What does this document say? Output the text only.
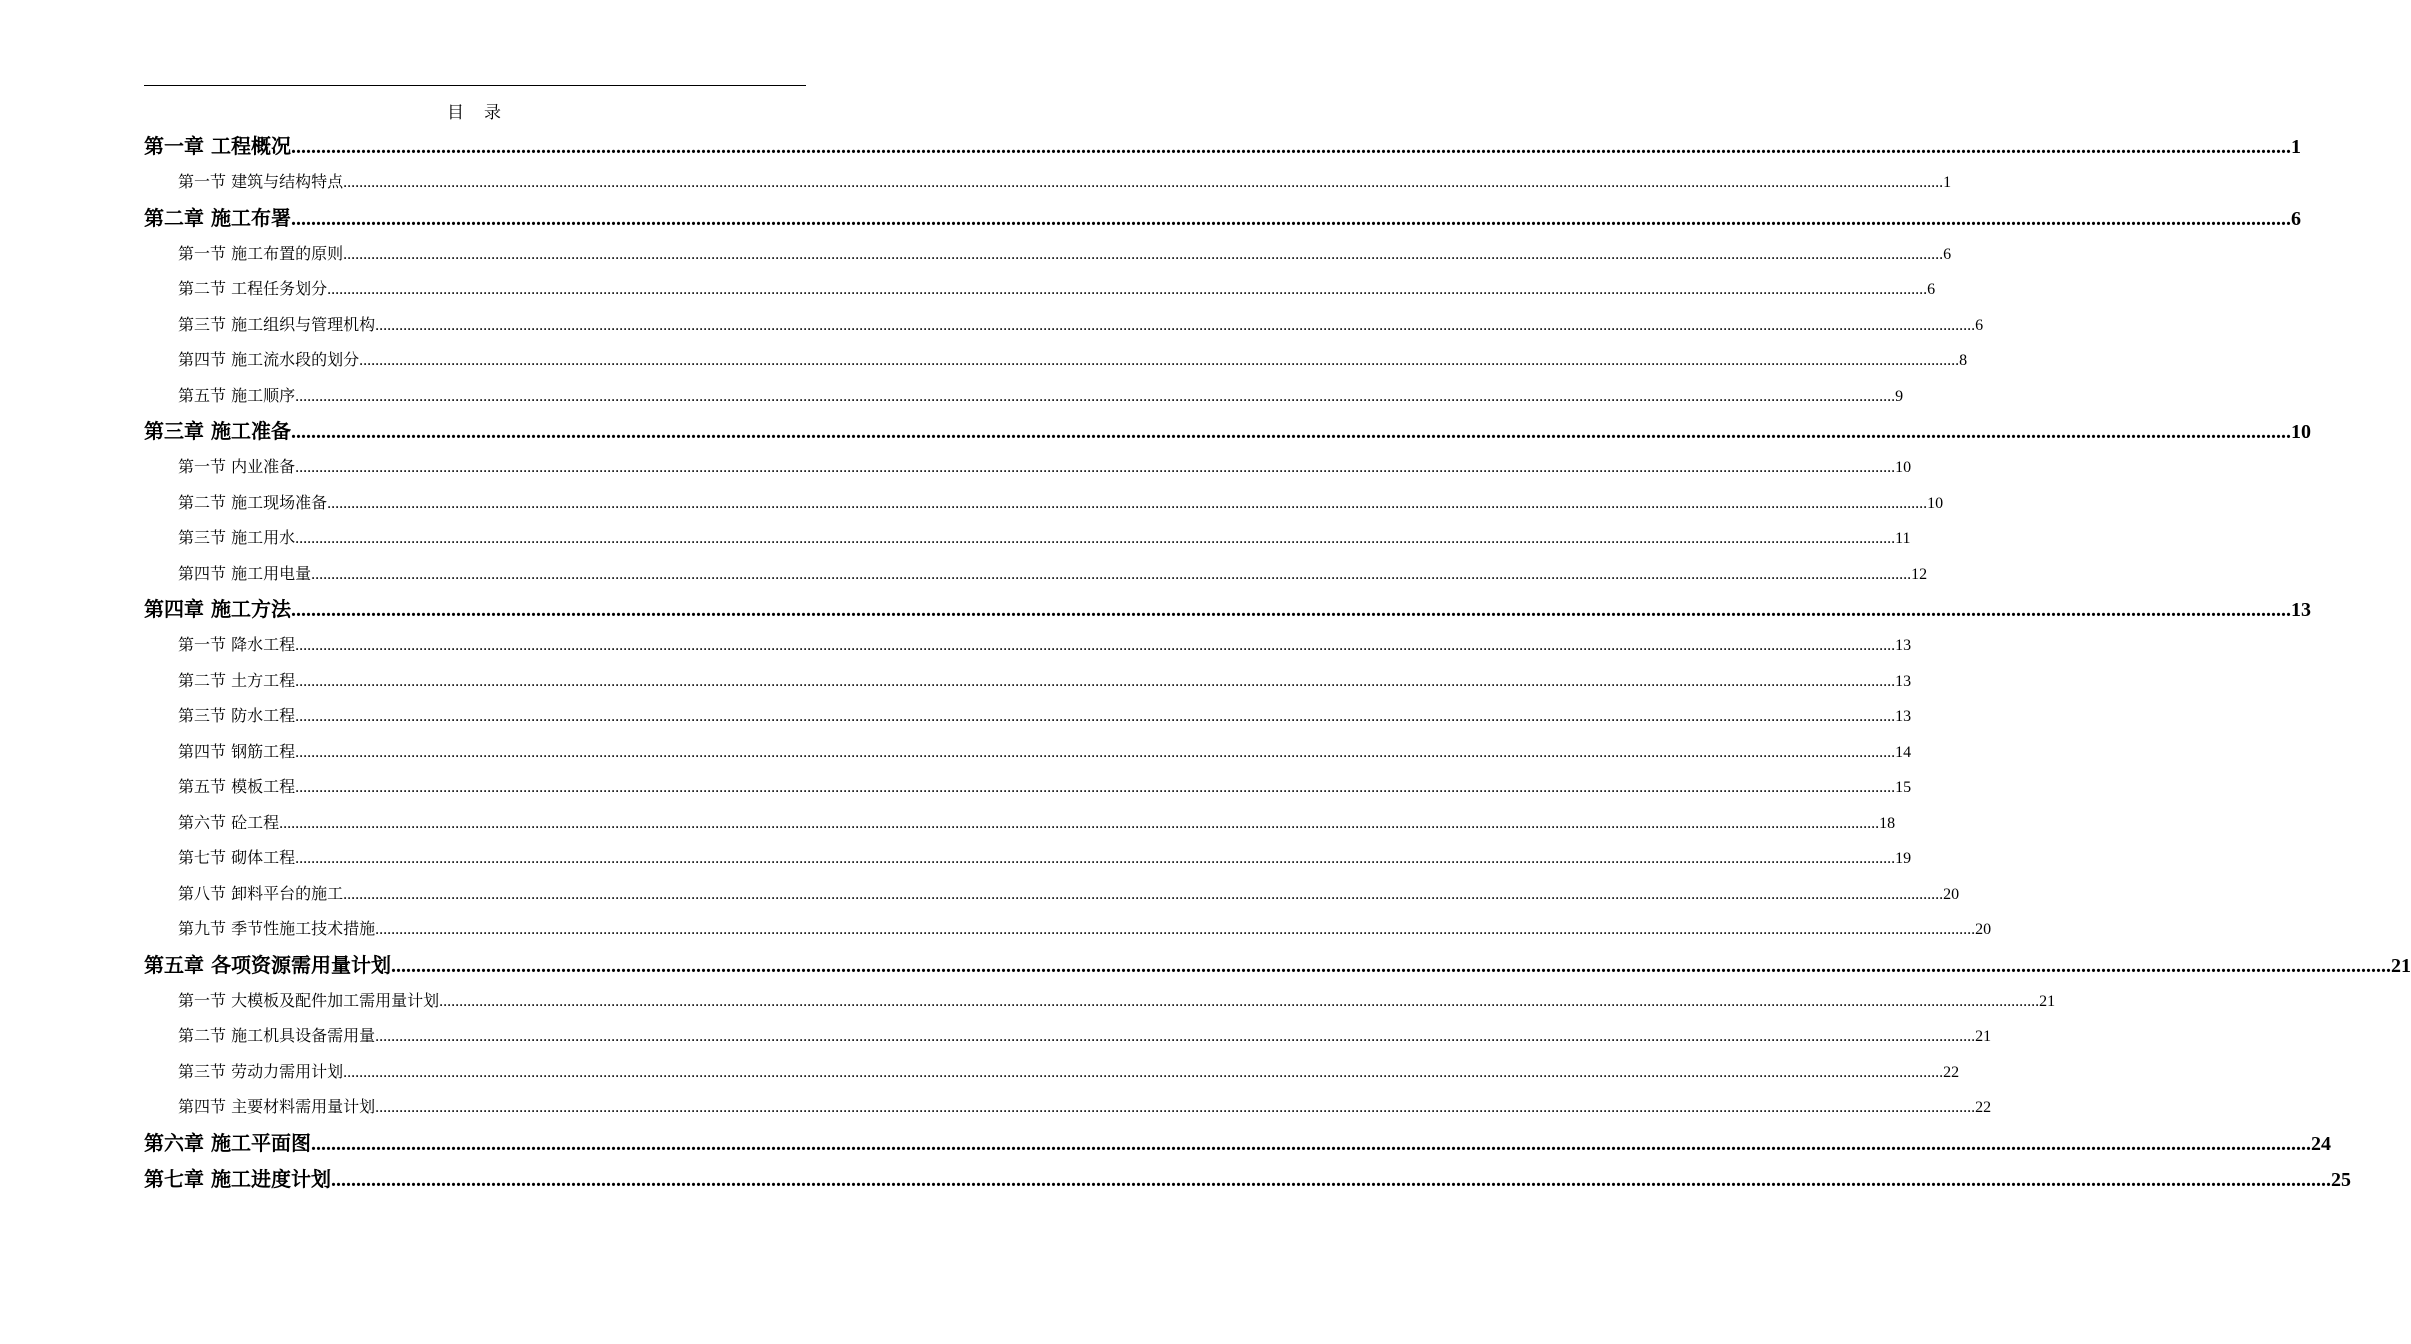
目 录
第一章 工程概况 ................................................................................................................................................................................................................................................................................................................................................................................................................ 1
第一节 建筑与结构特点 ................................................................................................................................................................................................................................................................................................................................................................................................................ 1
第二章 施工布署 ................................................................................................................................................................................................................................................................................................................................................................................................................ 6
第一节 施工布置的原则 ................................................................................................................................................................................................................................................................................................................................................................................................................ 6
第二节 工程任务划分 ................................................................................................................................................................................................................................................................................................................................................................................................................ 6
第三节 施工组织与管理机构 ................................................................................................................................................................................................................................................................................................................................................................................................................ 6
第四节 施工流水段的划分 ................................................................................................................................................................................................................................................................................................................................................................................................................ 8
第五节 施工顺序 ................................................................................................................................................................................................................................................................................................................................................................................................................ 9
第三章 施工准备 ................................................................................................................................................................................................................................................................................................................................................................................................................ 10
第一节 内业准备 ................................................................................................................................................................................................................................................................................................................................................................................................................ 10
第二节 施工现场准备 ................................................................................................................................................................................................................................................................................................................................................................................................................ 10
第三节 施工用水 ................................................................................................................................................................................................................................................................................................................................................................................................................ 11
第四节 施工用电量 ................................................................................................................................................................................................................................................................................................................................................................................................................ 12
第四章 施工方法 ................................................................................................................................................................................................................................................................................................................................................................................................................ 13
第一节 降水工程 ................................................................................................................................................................................................................................................................................................................................................................................................................ 13
第二节 土方工程 ................................................................................................................................................................................................................................................................................................................................................................................................................ 13
第三节 防水工程 ................................................................................................................................................................................................................................................................................................................................................................................................................ 13
第四节 钢筋工程 ................................................................................................................................................................................................................................................................................................................................................................................................................ 14
第五节 模板工程 ................................................................................................................................................................................................................................................................................................................................................................................................................ 15
第六节 砼工程 ................................................................................................................................................................................................................................................................................................................................................................................................................ 18
第七节 砌体工程 ................................................................................................................................................................................................................................................................................................................................................................................................................ 19
第八节 卸料平台的施工 ................................................................................................................................................................................................................................................................................................................................................................................................................ 20
第九节 季节性施工技术措施 ................................................................................................................................................................................................................................................................................................................................................................................................................ 20
第五章 各项资源需用量计划 ................................................................................................................................................................................................................................................................................................................................................................................................................ 21
第一节 大模板及配件加工需用量计划 ................................................................................................................................................................................................................................................................................................................................................................................................................ 21
第二节 施工机具设备需用量 ................................................................................................................................................................................................................................................................................................................................................................................................................ 21
第三节 劳动力需用计划 ................................................................................................................................................................................................................................................................................................................................................................................................................ 22
第四节 主要材料需用量计划 ................................................................................................................................................................................................................................................................................................................................................................................................................ 22
第六章 施工平面图 ................................................................................................................................................................................................................................................................................................................................................................................................................ 24
第七章 施工进度计划 ................................................................................................................................................................................................................................................................................................................................................................................................................ 25
